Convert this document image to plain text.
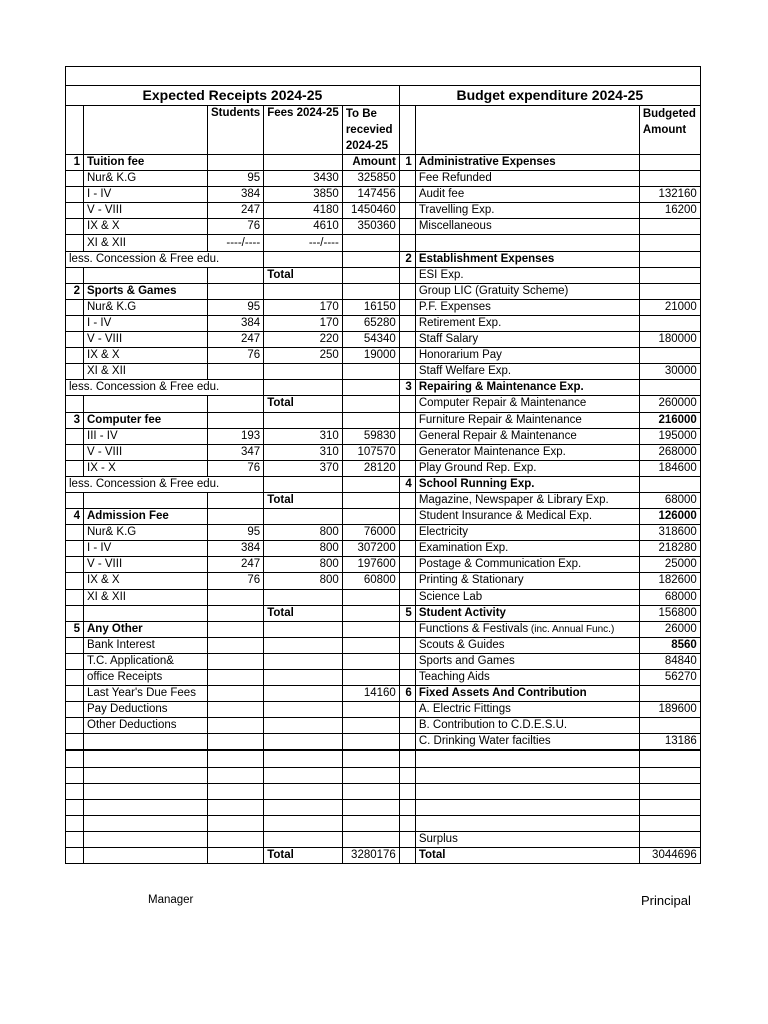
Expected Receipts 2024-25					Budget expenditure 2024-25		
		Students	Fees 2024-25	To Be recevied 2024-25			Budgeted Amount

1	Tuition fee			Amount	1	Administrative Expenses	
	Nur& K.G	95	3430	325850		Fee Refunded	
	I - IV	384	3850	147456		Audit fee	132160
	V - VIII	247	4180	1450460		Travelling Exp.	16200
	IX & X	76	4610	350360		Miscellaneous	
	XI & XII	----/----	---/----				
less. Concession & Free edu.					2	Establishment Expenses	
			Total			ESI Exp.	
2	Sports & Games					Group LIC (Gratuity Scheme)	
	Nur& K.G	95	170	16150		P.F. Expenses	21000
	I - IV	384	170	65280		Retirement Exp.	
	V - VIII	247	220	54340		Staff Salary	180000
	IX & X	76	250	19000		Honorarium Pay	
	XI & XII					Staff Welfare Exp.	30000
less. Concession & Free edu.					3	Repairing & Maintenance Exp.	
			Total			Computer Repair & Maintenance	260000
3	Computer fee					Furniture Repair & Maintenance	216000
	III - IV	193	310	59830		General Repair & Maintenance	195000
	V - VIII	347	310	107570		Generator Maintenance Exp.	268000
	IX - X	76	370	28120		Play Ground Rep. Exp.	184600
less. Concession & Free edu.					4	School Running Exp.	
			Total			Magazine, Newspaper & Library Exp.	68000
4	Admission Fee					Student Insurance & Medical Exp.	126000
	Nur& K.G	95	800	76000		Electricity	318600
	I - IV	384	800	307200		Examination Exp.	218280
	V - VIII	247	800	197600		Postage & Communication Exp.	25000
	IX & X	76	800	60800		Printing & Stationary	182600
	XI & XII					Science Lab	68000
			Total		5	Student Activity	156800
5	Any Other					Functions & Festivals (inc. Annual Func.)	26000
	Bank Interest					Scouts & Guides	8560
	T.C. Application&					Sports and Games	84840
	office Receipts					Teaching Aids	56270
	Last Year's Due Fees			14160	6	Fixed Assets And Contribution	
	Pay Deductions					A. Electric Fittings	189600
	Other Deductions					B. Contribution to C.D.E.S.U.	
						C. Drinking Water facilties	13186

						Surplus	
			Total	3280176		Total	3044696
Manager	Principal
